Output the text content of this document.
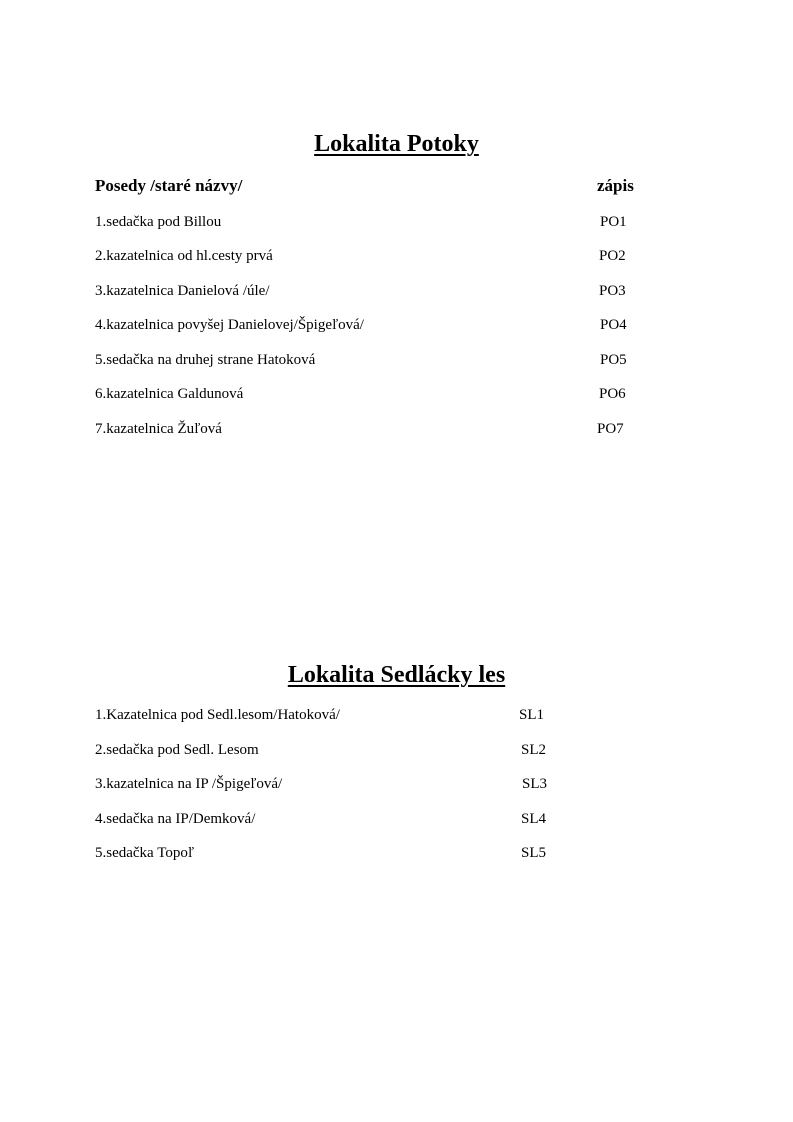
Lokalita Potoky
Posedy /staré názvy/	zápis
1.sedačka pod Billou	PO1
2.kazatelnica od hl.cesty prvá	PO2
3.kazatelnica Danielová /úle/	PO3
4.kazatelnica povyšej Danielovej/Špigeľová/	PO4
5.sedačka na druhej strane Hatoková	PO5
6.kazatelnica Galdunová	PO6
7.kazatelnica Žuľová	PO7
Lokalita Sedlácky les
1.Kazatelnica pod Sedl.lesom/Hatoková/	SL1
2.sedačka pod Sedl. Lesom	SL2
3.kazatelnica na IP /Špigeľová/	SL3
4.sedačka na IP/Demková/	SL4
5.sedačka Topoľ	SL5
